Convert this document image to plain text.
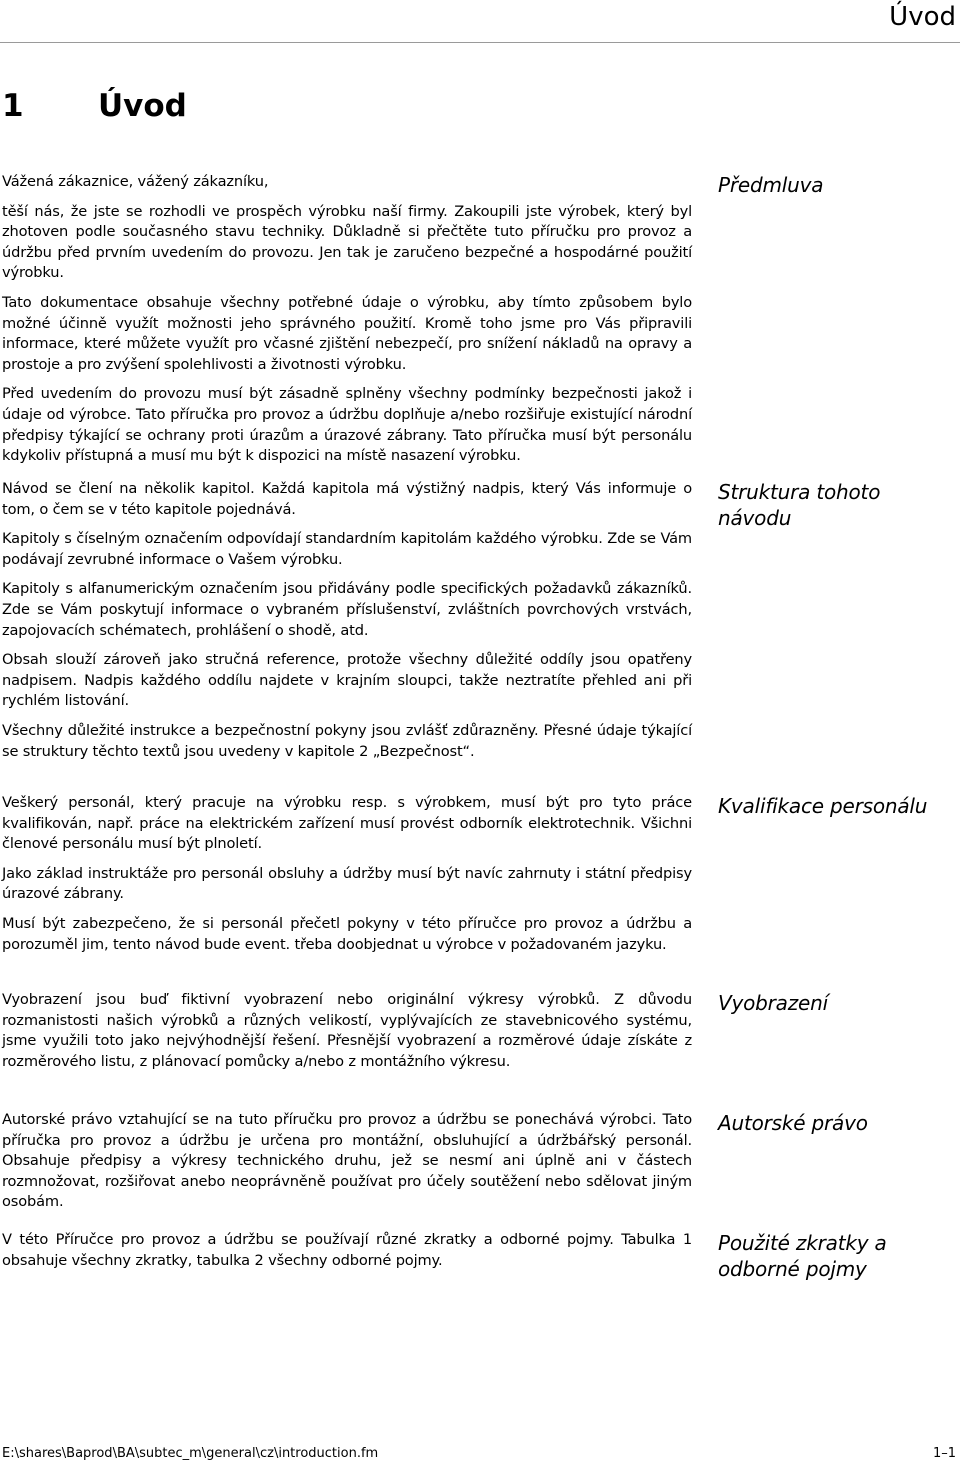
Úvod
1 Úvod

Vážená zákaznice, vážený zákazníku,

těší nás, že jste se rozhodli ve prospěch výrobku naší firmy. Zakoupili jste výrobek, který byl zhotoven podle současného stavu techniky. Důkladně si přečtěte tuto příručku pro provoz a údržbu před prvním uvedením do provozu. Jen tak je zaručeno bezpečné a hospodárné použití výrobku.

Tato dokumentace obsahuje všechny potřebné údaje o výrobku, aby tímto způsobem bylo možné účinně využít možnosti jeho správného použití. Kromě toho jsme pro Vás připravili informace, které můžete využít pro včasné zjištění nebezpečí, pro snížení nákladů na opravy a prostoje a pro zvýšení spolehlivosti a životnosti výrobku.

Před uvedením do provozu musí být zásadně splněny všechny podmínky bezpečnosti jakož i údaje od výrobce. Tato příručka pro provoz a údržbu doplňuje a/nebo rozšiřuje existující národní předpisy týkající se ochrany proti úrazům a úrazové zábrany. Tato příručka musí být personálu kdykoliv přístupná a musí mu být k dispozici na místě nasazení výrobku.

Předmluva

Návod se člení na několik kapitol. Každá kapitola má výstižný nadpis, který Vás informuje o tom, o čem se v této kapitole pojednává.

Kapitoly s číselným označením odpovídají standardním kapitolám každého výrobku. Zde se Vám podávají zevrubné informace o Vašem výrobku.

Kapitoly s alfanumerickým označením jsou přidávány podle specifických požadavků zákazníků. Zde se Vám poskytují informace o vybraném příslušenství, zvláštních povrchových vrstvách, zapojovacích schématech, prohlášení o shodě, atd.

Obsah slouží zároveň jako stručná reference, protože všechny důležité oddíly jsou opatřeny nadpisem. Nadpis každého oddílu najdete v krajním sloupci, takže neztratíte přehled ani při rychlém listování.

Všechny důležité instrukce a bezpečnostní pokyny jsou zvlášť zdůrazněny. Přesné údaje týkající se struktury těchto textů jsou uvedeny v kapitole 2 „Bezpečnost“.

Struktura tohoto návodu

Veškerý personál, který pracuje na výrobku resp. s výrobkem, musí být pro tyto práce kvalifikován, např. práce na elektrickém zařízení musí provést odborník elektrotechnik. Všichni členové personálu musí být plnoletí.

Jako základ instruktáže pro personál obsluhy a údržby musí být navíc zahrnuty i státní předpisy úrazové zábrany.

Musí být zabezpečeno, že si personál přečetl pokyny v této příručce pro provoz a údržbu a porozuměl jim, tento návod bude event. třeba doobjednat u výrobce v požadovaném jazyku.

Kvalifikace personálu

Vyobrazení jsou buď fiktivní vyobrazení nebo originální výkresy výrobků. Z důvodu rozmanistosti našich výrobků a různých velikostí, vyplývajících ze stavebnicového systému, jsme využili toto jako nejvýhodnější řešení. Přesnější vyobrazení a rozměrové údaje získáte z rozměrového listu, z plánovací pomůcky a/nebo z montážního výkresu.

Vyobrazení

Autorské právo vztahující se na tuto příručku pro provoz a údržbu se ponechává výrobci. Tato příručka pro provoz a údržbu je určena pro montážní, obsluhující a údržbářský personál. Obsahuje předpisy a výkresy technického druhu, jež se nesmí ani úplně ani v částech rozmnožovat, rozšiřovat anebo neoprávněně používat pro účely soutěžení nebo sdělovat jiným osobám.

Autorské právo

V této Příručce pro provoz a údržbu se používají různé zkratky a odborné pojmy. Tabulka 1 obsahuje všechny zkratky, tabulka 2 všechny odborné pojmy.

Použité zkratky a odborné pojmy
E:\shares\Baprod\BA\subtec_m\general\cz\introduction.fm	1–1
